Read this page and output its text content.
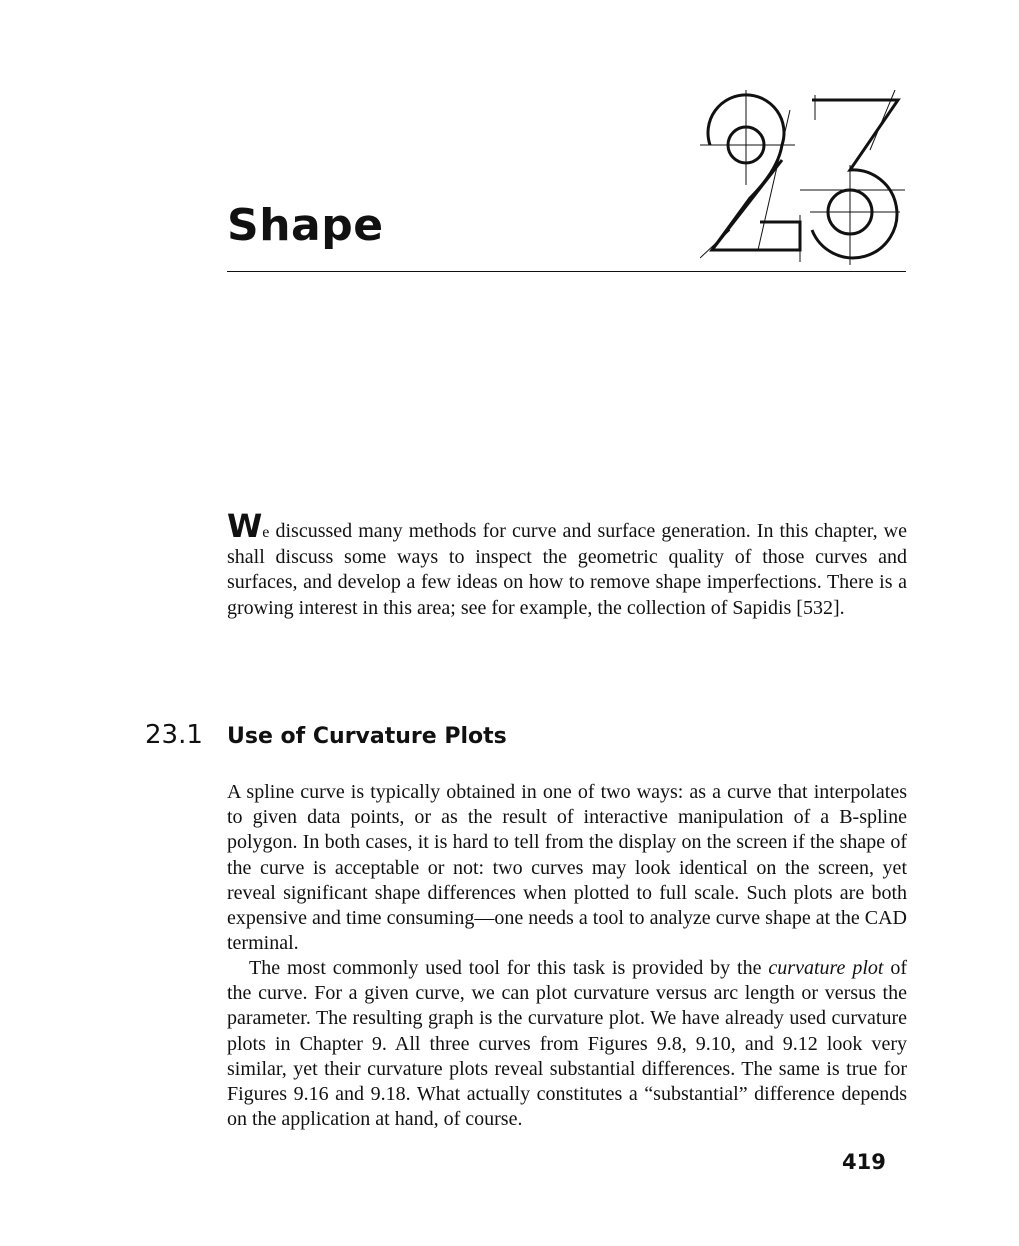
Shape

We discussed many methods for curve and surface generation. In this chapter, we shall discuss some ways to inspect the geometric quality of those curves and surfaces, and develop a few ideas on how to remove shape imperfections. There is a growing interest in this area; see for example, the collection of Sapidis [532].

23.1	Use of Curvature Plots

A spline curve is typically obtained in one of two ways: as a curve that interpolates to given data points, or as the result of interactive manipulation of a B-spline polygon. In both cases, it is hard to tell from the display on the screen if the shape of the curve is acceptable or not: two curves may look identical on the screen, yet reveal significant shape differences when plotted to full scale. Such plots are both expensive and time consuming—one needs a tool to analyze curve shape at the CAD terminal.

The most commonly used tool for this task is provided by the curvature plot of the curve. For a given curve, we can plot curvature versus arc length or versus the parameter. The resulting graph is the curvature plot. We have already used curvature plots in Chapter 9. All three curves from Figures 9.8, 9.10, and 9.12 look very similar, yet their curvature plots reveal substantial differences. The same is true for Figures 9.16 and 9.18. What actually constitutes a “substantial” difference depends on the application at hand, of course.

419
